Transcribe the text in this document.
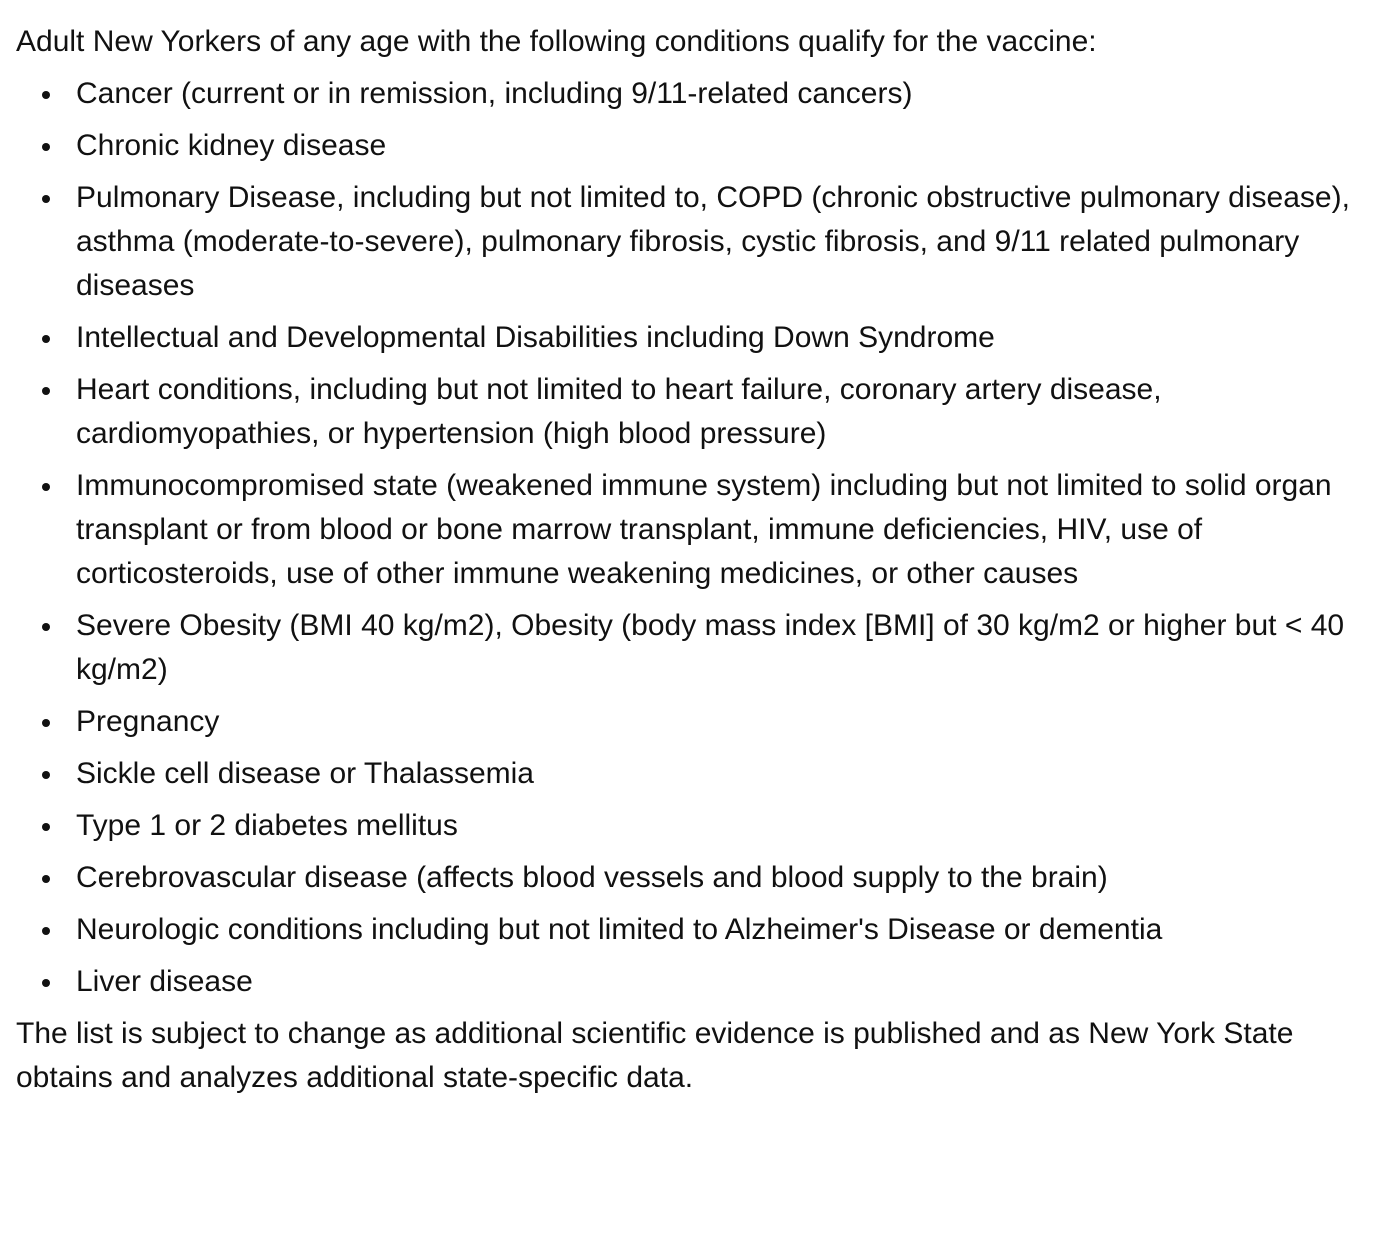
Adult New Yorkers of any age with the following conditions qualify for the vaccine:

Cancer (current or in remission, including 9/11-related cancers)
Chronic kidney disease
Pulmonary Disease, including but not limited to, COPD (chronic obstructive pulmonary disease), asthma (moderate-to-severe), pulmonary fibrosis, cystic fibrosis, and 9/11 related pulmonary diseases
Intellectual and Developmental Disabilities including Down Syndrome
Heart conditions, including but not limited to heart failure, coronary artery disease, cardiomyopathies, or hypertension (high blood pressure)
Immunocompromised state (weakened immune system) including but not limited to solid organ transplant or from blood or bone marrow transplant, immune deficiencies, HIV, use of corticosteroids, use of other immune weakening medicines, or other causes
Severe Obesity (BMI 40 kg/m2), Obesity (body mass index [BMI] of 30 kg/m2 or higher but < 40 kg/m2)
Pregnancy
Sickle cell disease or Thalassemia
Type 1 or 2 diabetes mellitus
Cerebrovascular disease (affects blood vessels and blood supply to the brain)
Neurologic conditions including but not limited to Alzheimer's Disease or dementia
Liver disease

The list is subject to change as additional scientific evidence is published and as New York State obtains and analyzes additional state-specific data.
